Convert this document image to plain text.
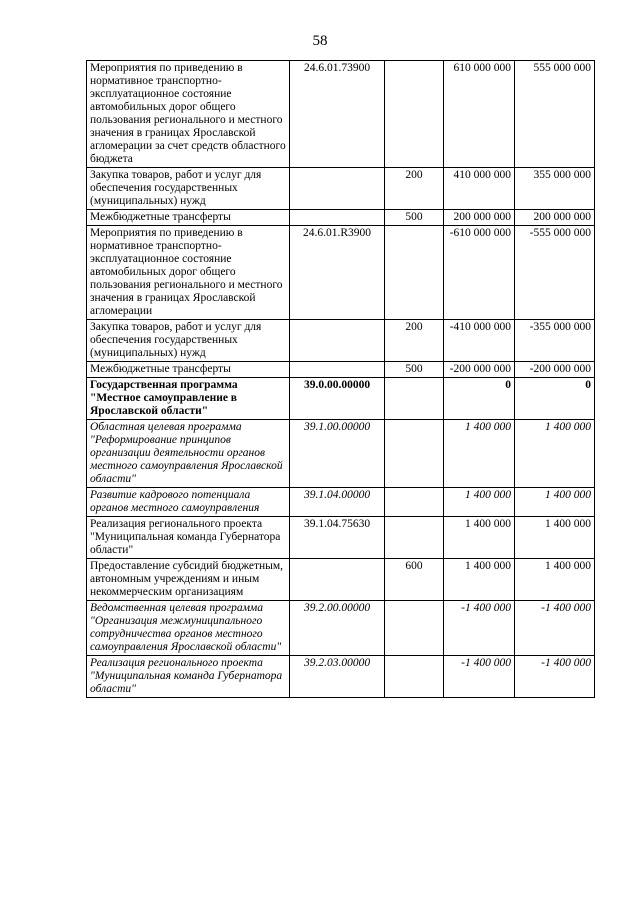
58
Мероприятия по приведению в нормативное транспортно-эксплуатационное состояние автомобильных дорог общего пользования регионального и местного значения в границах Ярославской агломерации за счет средств областного бюджета	24.6.01.73900		610 000 000	555 000 000
Закупка товаров, работ и услуг для обеспечения государственных (муниципальных) нужд		200	410 000 000	355 000 000
Межбюджетные трансферты		500	200 000 000	200 000 000
Мероприятия по приведению в нормативное транспортно-эксплуатационное состояние автомобильных дорог общего пользования регионального и местного значения в границах Ярославской агломерации	24.6.01.R3900		-610 000 000	-555 000 000
Закупка товаров, работ и услуг для обеспечения государственных (муниципальных) нужд		200	-410 000 000	-355 000 000
Межбюджетные трансферты		500	-200 000 000	-200 000 000
Государственная программа "Местное самоуправление в Ярославской области"	39.0.00.00000		0	0
Областная целевая программа "Реформирование принципов организации деятельности органов местного самоуправления Ярославской области"	39.1.00.00000		1 400 000	1 400 000
Развитие кадрового потенциала органов местного самоуправления	39.1.04.00000		1 400 000	1 400 000
Реализация регионального проекта "Муниципальная команда Губернатора области"	39.1.04.75630		1 400 000	1 400 000
Предоставление субсидий бюджетным, автономным учреждениям и иным некоммерческим организациям		600	1 400 000	1 400 000
Ведомственная целевая программа "Организация межмуниципального сотрудничества органов местного самоуправления Ярославской области"	39.2.00.00000		-1 400 000	-1 400 000
Реализация регионального проекта "Муниципальная команда Губернатора области"	39.2.03.00000		-1 400 000	-1 400 000
